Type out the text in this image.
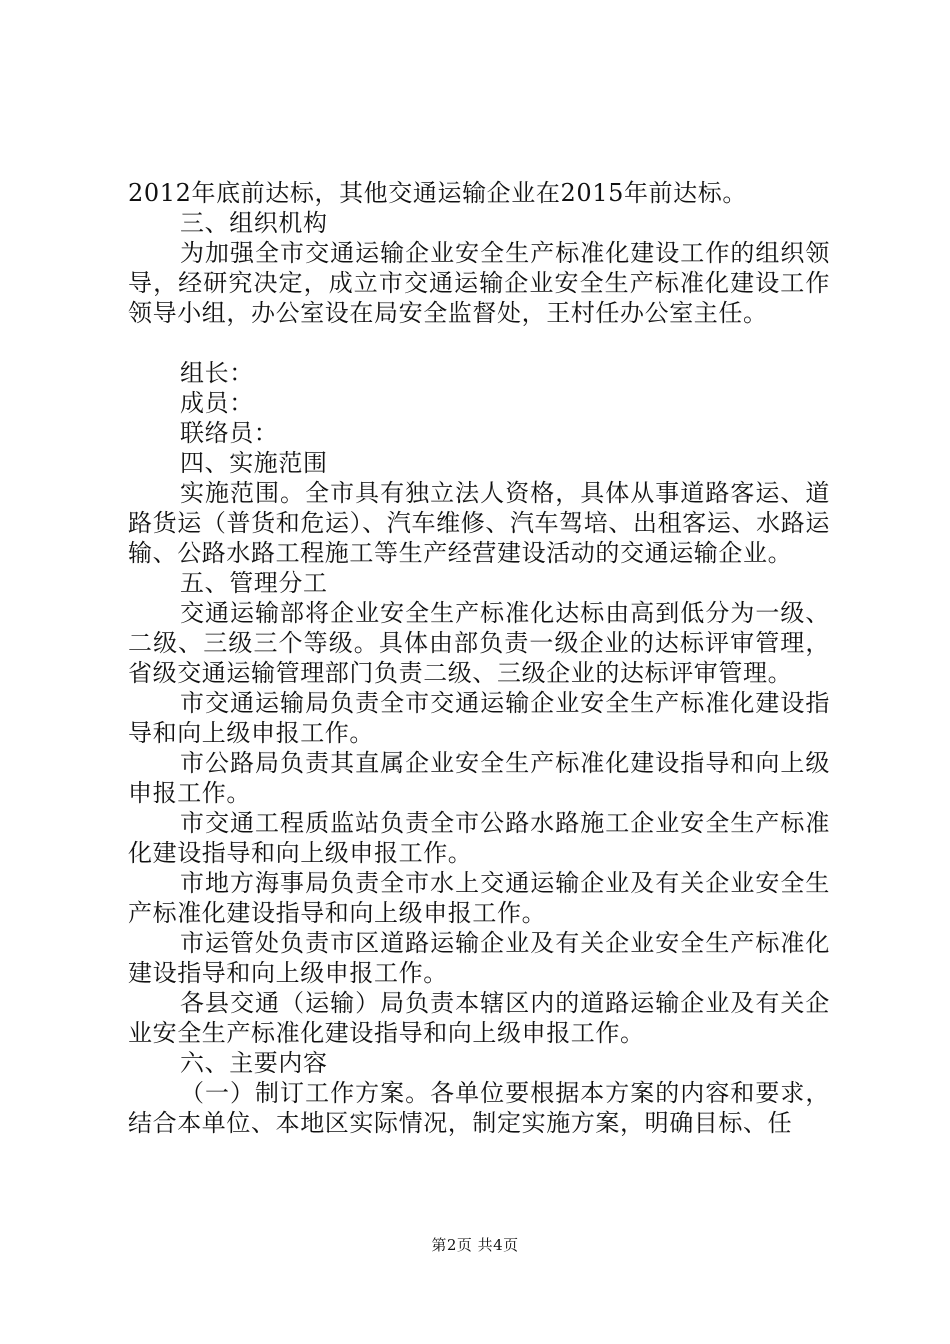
2012年底前达标，其他交通运输企业在2015年前达标。

三、组织机构

为加强全市交通运输企业安全生产标准化建设工作的组织领导，经研究决定，成立市交通运输企业安全生产标准化建设工作领导小组，办公室设在局安全监督处，王村任办公室主任。

组长：

成员：

联络员：

四、实施范围

实施范围。全市具有独立法人资格，具体从事道路客运、道路货运（普货和危运）、汽车维修、汽车驾培、出租客运、水路运输、公路水路工程施工等生产经营建设活动的交通运输企业。

五、管理分工

交通运输部将企业安全生产标准化达标由高到低分为一级、二级、三级三个等级。具体由部负责一级企业的达标评审管理，省级交通运输管理部门负责二级、三级企业的达标评审管理。

市交通运输局负责全市交通运输企业安全生产标准化建设指导和向上级申报工作。

市公路局负责其直属企业安全生产标准化建设指导和向上级申报工作。

市交通工程质监站负责全市公路水路施工企业安全生产标准化建设指导和向上级申报工作。

市地方海事局负责全市水上交通运输企业及有关企业安全生产标准化建设指导和向上级申报工作。

市运管处负责市区道路运输企业及有关企业安全生产标准化建设指导和向上级申报工作。

各县交通（运输）局负责本辖区内的道路运输企业及有关企业安全生产标准化建设指导和向上级申报工作。

六、主要内容

（一）制订工作方案。各单位要根据本方案的内容和要求，结合本单位、本地区实际情况，制定实施方案，明确目标、任

第2页 共4页
